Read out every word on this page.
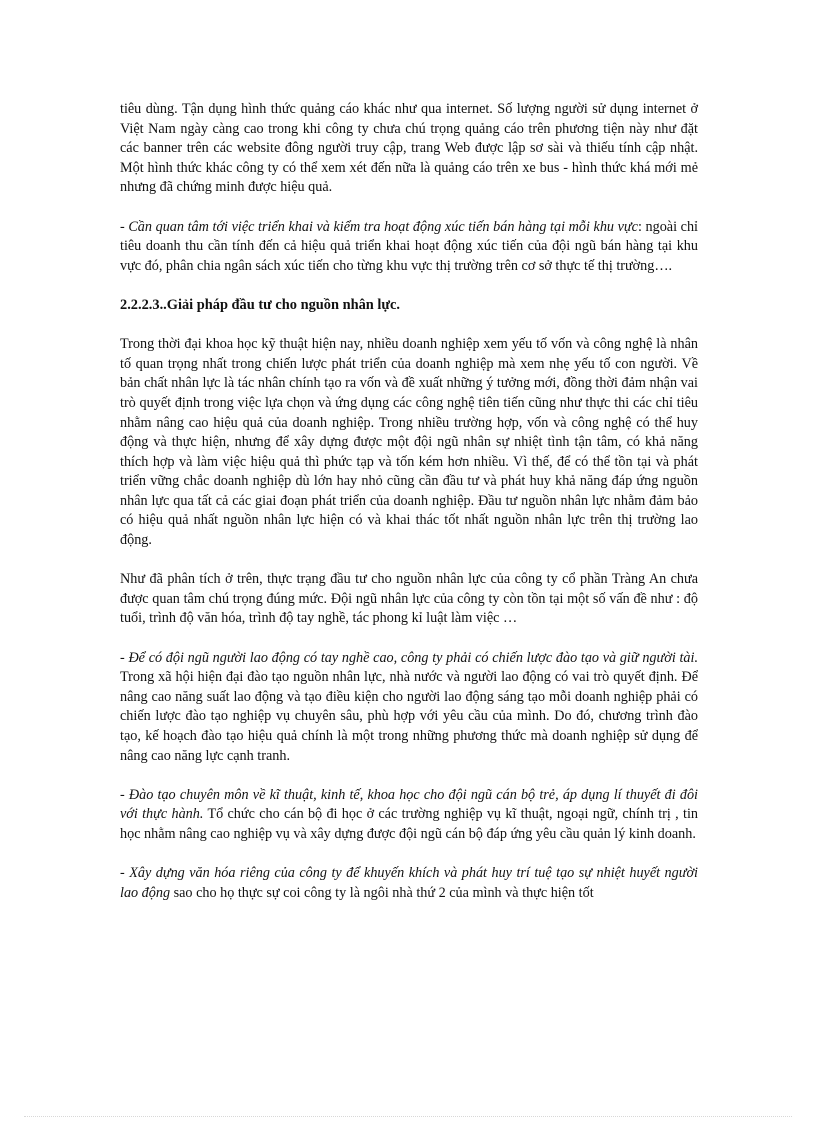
tiêu dùng. Tận dụng hình thức quảng cáo khác như qua internet. Số lượng người sử dụng internet ở Việt Nam ngày càng cao trong khi công ty chưa chú trọng quảng cáo trên phương tiện này như đặt các banner trên các website đông người truy cập, trang Web được lập sơ sài và thiếu tính cập nhật. Một hình thức khác công ty có thể xem xét đến nữa là quảng cáo trên xe bus - hình thức khá mới mẻ nhưng đã chứng minh được hiệu quả.

- Cần quan tâm tới việc triển khai và kiểm tra hoạt động xúc tiến bán hàng tại mỗi khu vực: ngoài chỉ tiêu doanh thu cần tính đến cả hiệu quả triển khai hoạt động xúc tiến của đội ngũ bán hàng tại khu vực đó, phân chia ngân sách xúc tiến cho từng khu vực thị trường trên cơ sở thực tế thị trường….

2.2.2.3..Giải pháp đầu tư cho nguồn nhân lực.

Trong thời đại khoa học kỹ thuật hiện nay, nhiều doanh nghiệp xem yếu tố vốn và công nghệ là nhân tố quan trọng nhất trong chiến lược phát triển của doanh nghiệp mà xem nhẹ yếu tố con người. Về bản chất nhân lực là tác nhân chính tạo ra vốn và đề xuất những ý tưởng mới, đồng thời đảm nhận vai trò quyết định trong việc lựa chọn và ứng dụng các công nghệ tiên tiến cũng như thực thi các chỉ tiêu nhằm nâng cao hiệu quả của doanh nghiệp. Trong nhiều trường hợp, vốn và công nghệ có thể huy động và thực hiện, nhưng để xây dựng được một đội ngũ nhân sự nhiệt tình tận tâm, có khả năng thích hợp và làm việc hiệu quả thì phức tạp và tốn kém hơn nhiều. Vì thế, để có thể tồn tại và phát triển vững chắc doanh nghiệp dù lớn hay nhỏ cũng cần đầu tư và phát huy khả năng đáp ứng nguồn nhân lực qua tất cả các giai đoạn phát triển của doanh nghiệp. Đầu tư nguồn nhân lực nhằm đảm bảo có hiệu quả nhất nguồn nhân lực hiện có và khai thác tốt nhất nguồn nhân lực trên thị trường lao động.

Như đã phân tích ở trên, thực trạng đầu tư cho nguồn nhân lực của công ty cổ phần Tràng An chưa được quan tâm chú trọng đúng mức. Đội ngũ nhân lực của công ty còn tồn tại một số vấn đề như : độ tuổi, trình độ văn hóa, trình độ tay nghề, tác phong kỉ luật làm việc …

- Để có đội ngũ người lao động có tay nghề cao, công ty phải có chiến lược đào tạo và giữ người tài. Trong xã hội hiện đại đào tạo nguồn nhân lực, nhà nước và người lao động có vai trò quyết định. Để nâng cao năng suất lao động và tạo điều kiện cho người lao động sáng tạo mỗi doanh nghiệp phải có chiến lược đào tạo nghiệp vụ chuyên sâu, phù hợp với yêu cầu của mình. Do đó, chương trình đào tạo, kế hoạch đào tạo hiệu quả chính là một trong những phương thức mà doanh nghiệp sử dụng để nâng cao năng lực cạnh tranh.

- Đào tạo chuyên môn về kĩ thuật, kinh tế, khoa học cho đội ngũ cán bộ trẻ, áp dụng lí thuyết đi đôi với thực hành. Tổ chức cho cán bộ đi học ở các trường nghiệp vụ kĩ thuật, ngoại ngữ, chính trị , tin học nhằm nâng cao nghiệp vụ và xây dựng được đội ngũ cán bộ đáp ứng yêu cầu quản lý kinh doanh.

- Xây dựng văn hóa riêng của công ty để khuyến khích và phát huy trí tuệ tạo sự nhiệt huyết người lao động sao cho họ thực sự coi công ty là ngôi nhà thứ 2 của mình và thực hiện tốt
